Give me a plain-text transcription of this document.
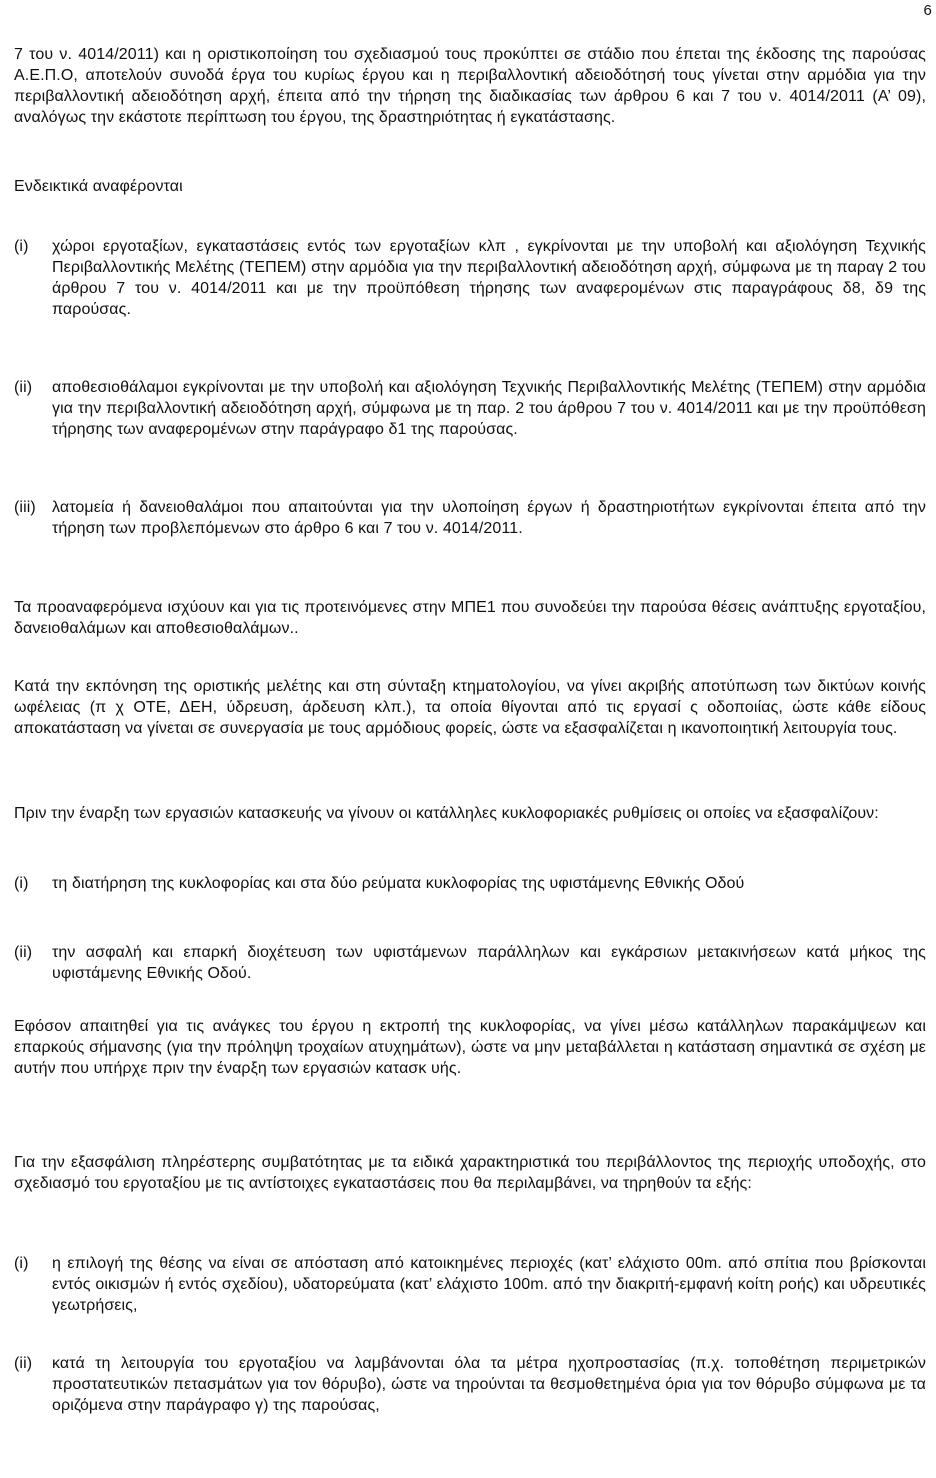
6

7 του ν. 4014/2011) και η οριστικοποίηση του σχεδιασμού τους προκύπτει σε στάδιο που έπεται της έκδοσης της παρούσας Α.Ε.Π.Ο, αποτελούν συνοδά έργα του κυρίως έργου και η περιβαλλοντική αδειοδότησή τους γίνεται στην αρμόδια για την περιβαλλοντική αδειοδότηση αρχή, έπειτα από την τήρηση της διαδικασίας των άρθρου 6 και 7 του ν. 4014/2011 (Α’ 09), αναλόγως την εκάστοτε περίπτωση του έργου, της δραστηριότητας ή εγκατάστασης.

Ενδεικτικά αναφέρονται

(i)	χώροι εργοταξίων, εγκαταστάσεις εντός των εργοταξίων κλπ , εγκρίνονται με την υποβολή και αξιολόγηση Τεχνικής Περιβαλλοντικής Μελέτης (ΤΕΠΕΜ) στην αρμόδια για την περιβαλλοντική αδειοδότηση αρχή, σύμφωνα με τη παραγ 2 του άρθρου 7 του ν. 4014/2011 και με την προϋπόθεση τήρησης των αναφερομένων στις παραγράφους δ8, δ9 της παρούσας.
(ii)	αποθεσιοθάλαμοι εγκρίνονται με την υποβολή και αξιολόγηση Τεχνικής Περιβαλλοντικής Μελέτης (ΤΕΠΕΜ) στην αρμόδια για την περιβαλλοντική αδειοδότηση αρχή, σύμφωνα με τη παρ. 2 του άρθρου 7 του ν. 4014/2011 και με την προϋπόθεση τήρησης των αναφερομένων στην παράγραφο δ1 της παρούσας.
(iii)	λατομεία ή δανειοθαλάμοι που απαιτούνται για την υλοποίηση έργων ή δραστηριοτήτων εγκρίνονται έπειτα από την τήρηση των προβλεπόμενων στο άρθρο 6 και 7 του ν. 4014/2011.

Τα προαναφερόμενα ισχύουν και για τις προτεινόμενες στην ΜΠΕ1 που συνοδεύει την παρούσα θέσεις ανάπτυξης εργοταξίου, δανειοθαλάμων και αποθεσιοθαλάμων..

Κατά την εκπόνηση της οριστικής μελέτης και στη σύνταξη κτηματολογίου, να γίνει ακριβής αποτύπωση των δικτύων κοινής ωφέλειας (π χ ΟΤΕ, ΔΕΗ, ύδρευση, άρδευση κλπ.), τα οποία θίγονται από τις εργασί ς οδοποιίας, ώστε κάθε είδους αποκατάσταση να γίνεται σε συνεργασία με τους αρμόδιους φορείς, ώστε να εξασφαλίζεται η ικανοποιητική λειτουργία τους.

Πριν την έναρξη των εργασιών κατασκευής να γίνουν οι κατάλληλες κυκλοφοριακές ρυθμίσεις οι οποίες να εξασφαλίζουν:

(i)	τη διατήρηση της κυκλοφορίας και στα δύο ρεύματα κυκλοφορίας της υφιστάμενης Εθνικής Οδού
(ii)	την ασφαλή και επαρκή διοχέτευση των υφιστάμενων παράλληλων και εγκάρσιων μετακινήσεων κατά μήκος της υφιστάμενης Εθνικής Οδού.

Εφόσον απαιτηθεί για τις ανάγκες του έργου η εκτροπή της κυκλοφορίας, να γίνει μέσω κατάλληλων παρακάμψεων και επαρκούς σήμανσης (για την πρόληψη τροχαίων ατυχημάτων), ώστε να μην μεταβάλλεται η κατάσταση σημαντικά σε σχέση με αυτήν που υπήρχε πριν την έναρξη των εργασιών κατασκ υής.

Για την εξασφάλιση πληρέστερης συμβατότητας με τα ειδικά χαρακτηριστικά του περιβάλλοντος της περιοχής υποδοχής, στο σχεδιασμό του εργοταξίου με τις αντίστοιχες εγκαταστάσεις που θα περιλαμβάνει, να τηρηθούν τα εξής:

(i)	η επιλογή της θέσης να είναι σε απόσταση από κατοικημένες περιοχές (κατ’ ελάχιστο 00m. από σπίτια που βρίσκονται εντός οικισμών ή εντός σχεδίου), υδατορεύματα (κατ’ ελάχιστο 100m. από την διακριτή-εμφανή κοίτη ροής) και υδρευτικές γεωτρήσεις,
(ii)	κατά τη λειτουργία του εργοταξίου να λαμβάνονται όλα τα μέτρα ηχοπροστασίας (π.χ. τοποθέτηση περιμετρικών προστατευτικών πετασμάτων για τον θόρυβο), ώστε να τηρούνται τα θεσμοθετημένα όρια για τον θόρυβο σύμφωνα με τα οριζόμενα στην παράγραφο γ) της παρούσας,
